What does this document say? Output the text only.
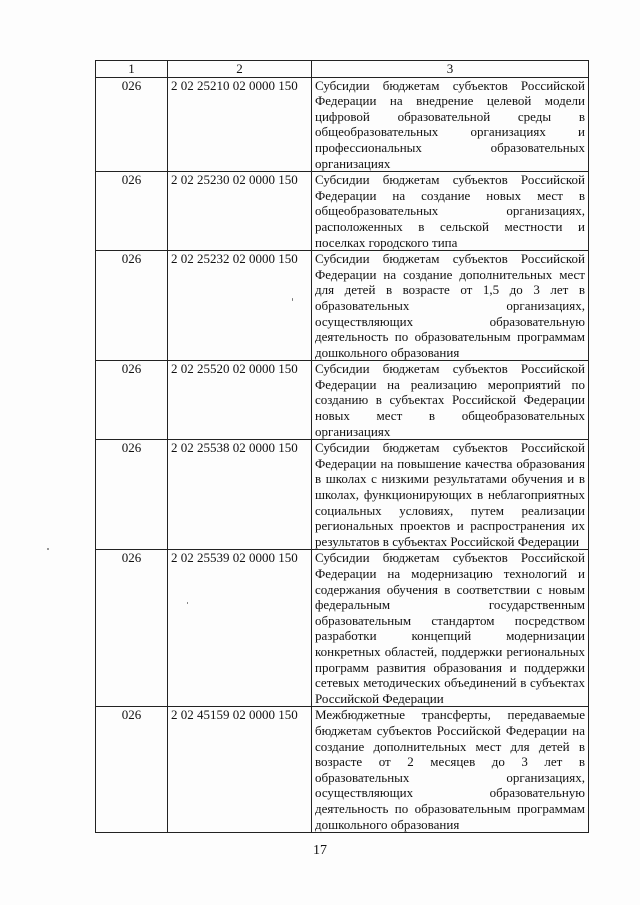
1	2	3
026	2 02 25210 02 0000 150	Субсидии бюджетам субъектов Российской Федерации на внедрение целевой модели цифровой образовательной среды в общеобразовательных организациях и профессиональных образовательных организациях
026	2 02 25230 02 0000 150	Субсидии бюджетам субъектов Российской Федерации на создание новых мест в общеобразовательных организациях, расположенных в сельской местности и поселках городского типа
026	2 02 25232 02 0000 150	Субсидии бюджетам субъектов Российской Федерации на создание дополнительных мест для детей в возрасте от 1,5 до 3 лет в образовательных организациях, осуществляющих образовательную деятельность по образовательным программам дошкольного образования
026	2 02 25520 02 0000 150	Субсидии бюджетам субъектов Российской Федерации на реализацию мероприятий по созданию в субъектах Российской Федерации новых мест в общеобразовательных организациях
026	2 02 25538 02 0000 150	Субсидии бюджетам субъектов Российской Федерации на повышение качества образования в школах с низкими результатами обучения и в школах, функционирующих в неблагоприятных социальных условиях, путем реализации региональных проектов и распространения их результатов в субъектах Российской Федерации
026	2 02 25539 02 0000 150	Субсидии бюджетам субъектов Российской Федерации на модернизацию технологий и содержания обучения в соответствии с новым федеральным государственным образовательным стандартом посредством разработки концепций модернизации конкретных областей, поддержки региональных программ развития образования и поддержки сетевых методических объединений в субъектах Российской Федерации
026	2 02 45159 02 0000 150	Межбюджетные трансферты, передаваемые бюджетам субъектов Российской Федерации на создание дополнительных мест для детей в возрасте от 2 месяцев до 3 лет в образовательных организациях, осуществляющих образовательную деятельность по образовательным программам дошкольного образования
17
